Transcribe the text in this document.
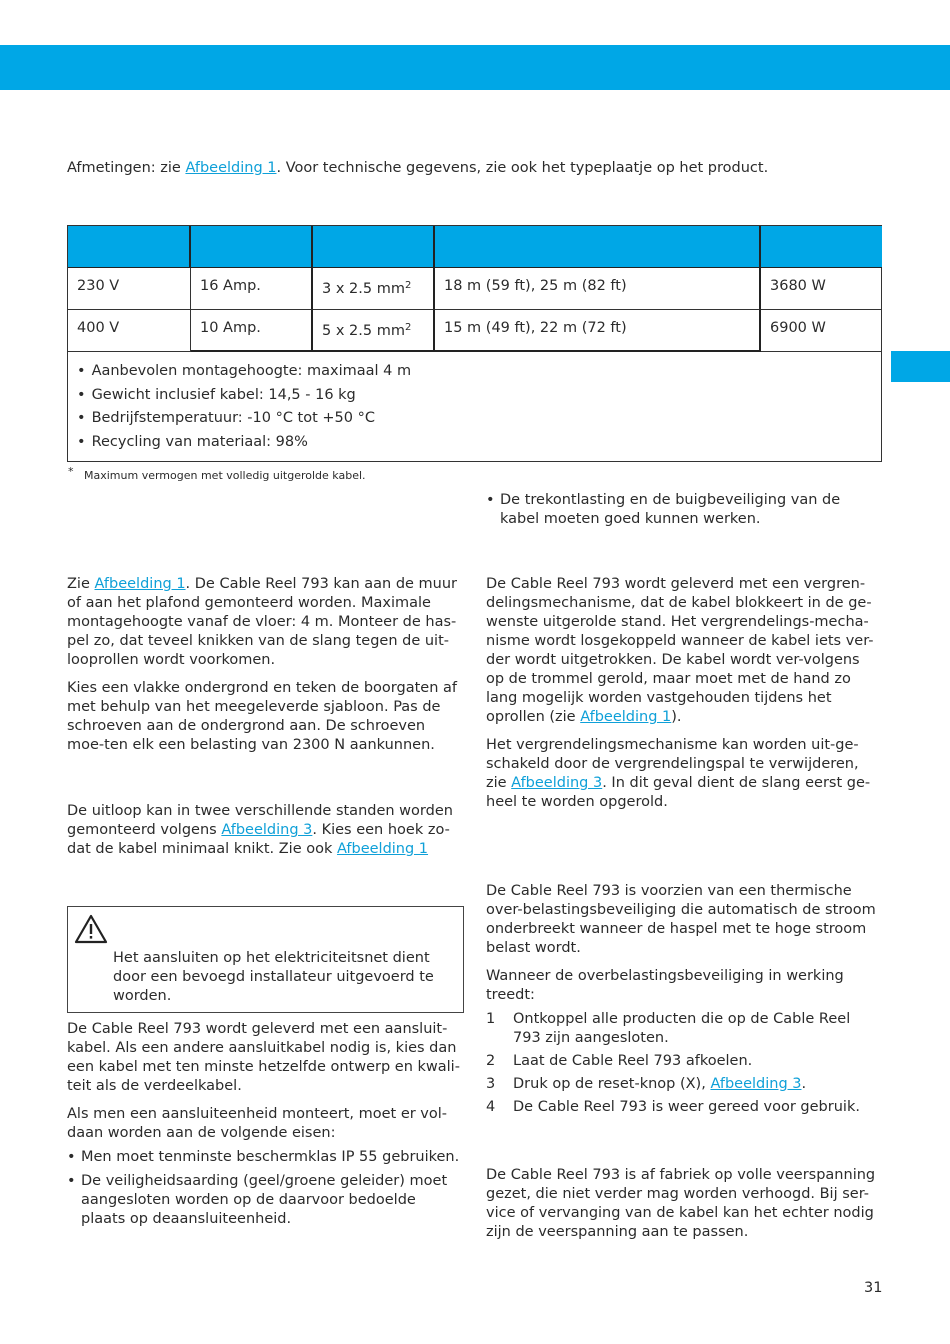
Afmetingen: zie Afbeelding 1. Voor technische gegevens, zie ook het typeplaatje op het product.

230 V	16 Amp.	3 x 2.5 $mm^2$	18 m (59 ft), 25 m (82 ft)	3680 W
400 V	10 Amp.	5 x 2.5 $mm^2$	15 m (49 ft), 22 m (72 ft)	6900 W
• Aanbevolen montagehoogte: maximaal 4 m
• Gewicht inclusief kabel: 14,5 - 16 kg
• Bedrijfstemperatuur: -10 °C tot +50 °C
• Recycling van materiaal: 98%
* Maximum vermogen met volledig uitgerolde kabel.

Zie Afbeelding 1. De Cable Reel 793 kan aan de muur of aan het plafond gemonteerd worden. Maximale montagehoogte vanaf de vloer: 4 m. Monteer de has-pel zo, dat teveel knikken van de slang tegen de uit-looprollen wordt voorkomen.

Kies een vlakke ondergrond en teken de boorgaten af met behulp van het meegeleverde sjabloon. Pas de schroeven aan de ondergrond aan. De schroeven moe-ten elk een belasting van 2300 N aankunnen.

De uitloop kan in twee verschillende standen worden gemonteerd volgens Afbeelding 3. Kies een hoek zo-dat de kabel minimaal knikt. Zie ook Afbeelding 1

Het aansluiten op het elektriciteitsnet dient door een bevoegd installateur uitgevoerd te worden.

De Cable Reel 793 wordt geleverd met een aansluit-kabel. Als een andere aansluitkabel nodig is, kies dan een kabel met ten minste hetzelfde ontwerp en kwali-teit als de verdeelkabel.

Als men een aansluiteenheid monteert, moet er vol-daan worden aan de volgende eisen:

• Men moet tenminste beschermklas IP 55 gebruiken.
• De veiligheidsaarding (geel/groene geleider) moet aangesloten worden op de daarvoor bedoelde plaats op deaansluiteenheid.
• De trekontlasting en de buigbeveiliging van de kabel moeten goed kunnen werken.

De Cable Reel 793 wordt geleverd met een vergren-delingsmechanisme, dat de kabel blokkeert in de ge-wenste uitgerolde stand. Het vergrendelings-mecha-nisme wordt losgekoppeld wanneer de kabel iets ver-der wordt uitgetrokken. De kabel wordt ver-volgens op de trommel gerold, maar moet met de hand zo lang mogelijk worden vastgehouden tijdens het oprollen (zie Afbeelding 1).

Het vergrendelingsmechanisme kan worden uit-ge-schakeld door de vergrendelingspal te verwijderen, zie Afbeelding 3. In dit geval dient de slang eerst ge-heel te worden opgerold.

De Cable Reel 793 is voorzien van een thermische over-belastingsbeveiliging die automatisch de stroom onderbreekt wanneer de haspel met te hoge stroom belast wordt.

Wanneer de overbelastingsbeveiliging in werking treedt:

1 Ontkoppel alle producten die op de Cable Reel 793 zijn aangesloten.
2 Laat de Cable Reel 793 afkoelen.
3 Druk op de reset-knop (X), Afbeelding 3.
4 De Cable Reel 793 is weer gereed voor gebruik.

De Cable Reel 793 is af fabriek op volle veerspanning gezet, die niet verder mag worden verhoogd. Bij ser-vice of vervanging van de kabel kan het echter nodig zijn de veerspanning aan te passen.

31
